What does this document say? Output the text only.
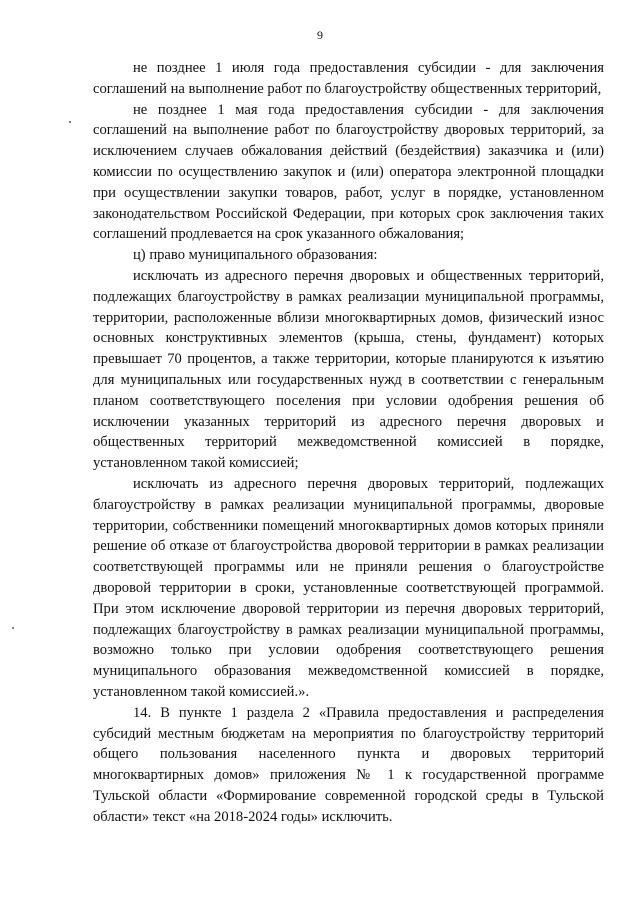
9

не позднее 1 июля года предоставления субсидии - для заключения соглашений на выполнение работ по благоустройству общественных территорий,

не позднее 1 мая года предоставления субсидии - для заключения соглашений на выполнение работ по благоустройству дворовых территорий, за исключением случаев обжалования действий (бездействия) заказчика и (или) комиссии по осуществлению закупок и (или) оператора электронной площадки при осуществлении закупки товаров, работ, услуг в порядке, установленном законодательством Российской Федерации, при которых срок заключения таких соглашений продлевается на срок указанного обжалования;

ц) право муниципального образования:

исключать из адресного перечня дворовых и общественных территорий, подлежащих благоустройству в рамках реализации муниципальной программы, территории, расположенные вблизи многоквартирных домов, физический износ основных конструктивных элементов (крыша, стены, фундамент) которых превышает 70 процентов, а также территории, которые планируются к изъятию для муниципальных или государственных нужд в соответствии с генеральным планом соответствующего поселения при условии одобрения решения об исключении указанных территорий из адресного перечня дворовых и общественных территорий межведомственной комиссией в порядке, установленном такой комиссией;

исключать из адресного перечня дворовых территорий, подлежащих благоустройству в рамках реализации муниципальной программы, дворовые территории, собственники помещений многоквартирных домов которых приняли решение об отказе от благоустройства дворовой территории в рамках реализации соответствующей программы или не приняли решения о благоустройстве дворовой территории в сроки, установленные соответствующей программой. При этом исключение дворовой территории из перечня дворовых территорий, подлежащих благоустройству в рамках реализации муниципальной программы, возможно только при условии одобрения соответствующего решения муниципального образования межведомственной комиссией в порядке, установленном такой комиссией.».

14. В пункте 1 раздела 2 «Правила предоставления и распределения субсидий местным бюджетам на мероприятия по благоустройству территорий общего пользования населенного пункта и дворовых территорий многоквартирных домов» приложения № 1 к государственной программе Тульской области «Формирование современной городской среды в Тульской области» текст «на 2018-2024 годы» исключить.
